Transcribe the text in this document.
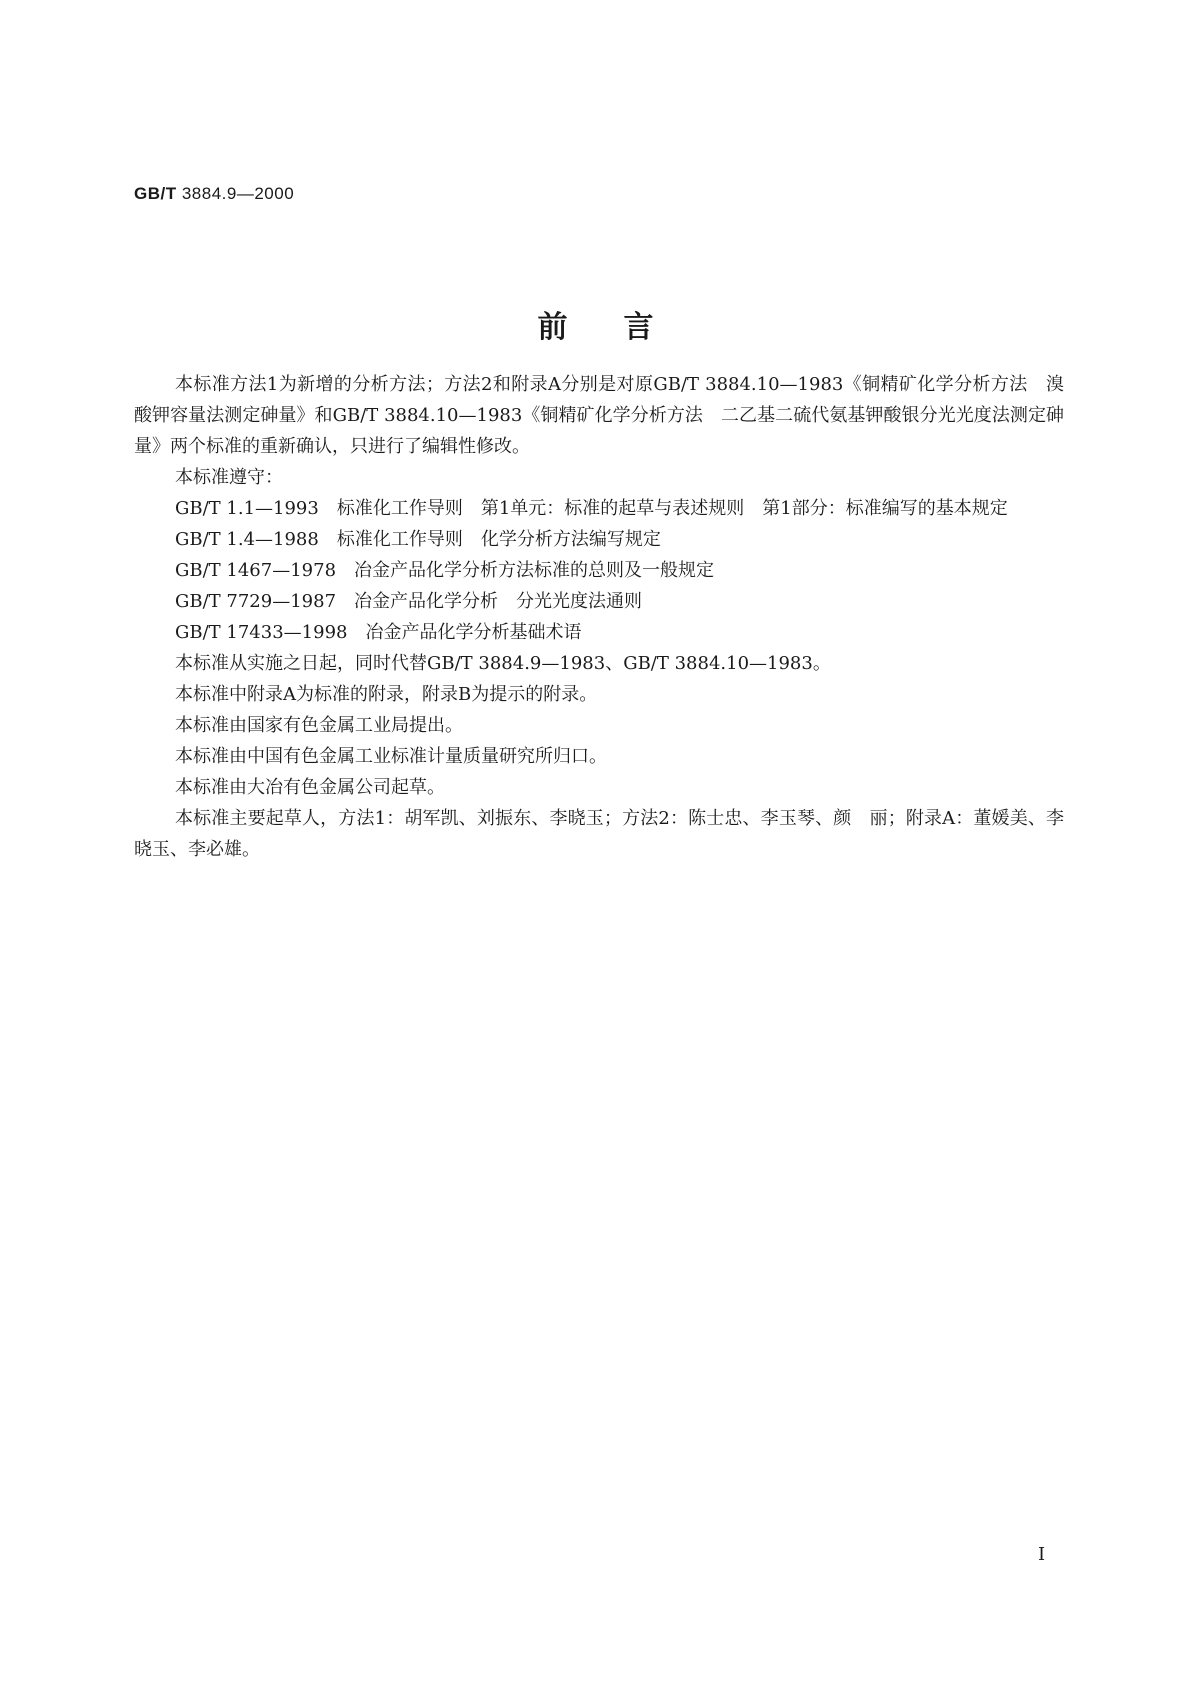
GB/T 3884.9—2000
前言

本标准方法1为新增的分析方法；方法2和附录A分别是对原GB/T 3884.10—1983《铜精矿化学分析方法　溴酸钾容量法测定砷量》和GB/T 3884.10—1983《铜精矿化学分析方法　二乙基二硫代氨基钾酸银分光光度法测定砷量》两个标准的重新确认，只进行了编辑性修改。

本标准遵守：

GB/T 1.1—1993　 标准化工作导则　第1单元：标准的起草与表述规则　第1部分：标准编写的基本规定
GB/T 1.4—1988　 标准化工作导则　化学分析方法编写规定
GB/T 1467—1978　 冶金产品化学分析方法标准的总则及一般规定
GB/T 7729—1987　 冶金产品化学分析　分光光度法通则
GB/T 17433—1998　 冶金产品化学分析基础术语

本标准从实施之日起，同时代替GB/T 3884.9—1983、GB/T 3884.10—1983。

本标准中附录A为标准的附录，附录B为提示的附录。

本标准由国家有色金属工业局提出。

本标准由中国有色金属工业标准计量质量研究所归口。

本标准由大冶有色金属公司起草。

本标准主要起草人，方法1：胡军凯、刘振东、李晓玉；方法2：陈士忠、李玉琴、颜　丽；附录A：董媛美、李晓玉、李必雄。

I
